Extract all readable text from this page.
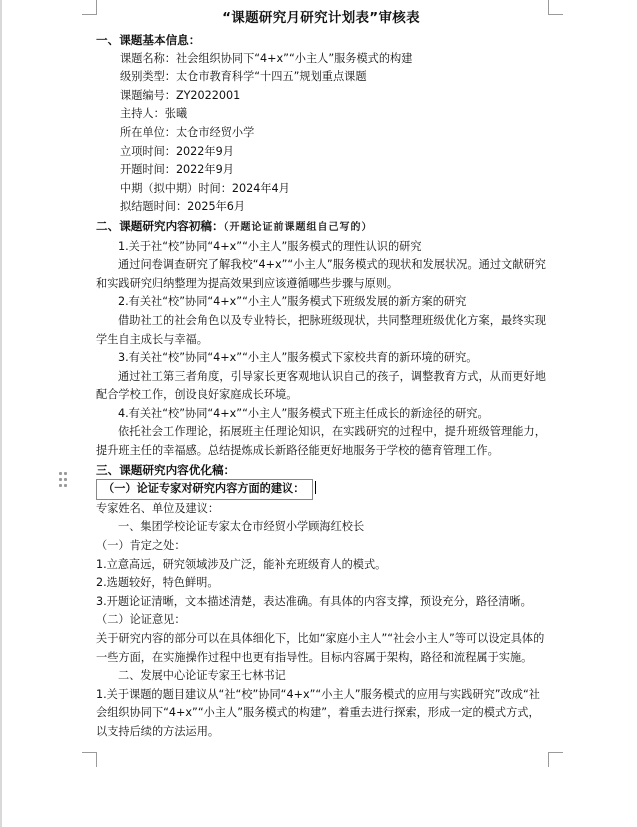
“课题研究月研究计划表”审核表
一、课题基本信息：
课题名称：社会组织协同下“4+x”“小主人”服务模式的构建
级别类型：太仓市教育科学“十四五”规划重点课题
课题编号：ZY2022001
主持人：张曦
所在单位：太仓市经贸小学
立项时间：2022年9月
开题时间：2022年9月
中期（拟中期）时间：2024年4月
拟结题时间：2025年6月
二、课题研究内容初稿：（开题论证前课题组自己写的）
1.关于社“校”协同“4+x”“小主人”服务模式的理性认识的研究
通过问卷调查研究了解我校“4+x”“小主人”服务模式的现状和发展状况。通过文献研究和实践研究归纳整理为提高效果到应该遵循哪些步骤与原则。
2.有关社“校”协同“4+x”“小主人”服务模式下班级发展的新方案的研究
借助社工的社会角色以及专业特长，把脉班级现状，共同整理班级优化方案，最终实现学生自主成长与幸福。
3.有关社“校”协同“4+x”“小主人”服务模式下家校共育的新环境的研究。
通过社工第三者角度，引导家长更客观地认识自己的孩子，调整教育方式，从而更好地配合学校工作，创设良好家庭成长环境。
4.有关社“校”协同“4+x”“小主人”服务模式下班主任成长的新途径的研究。
依托社会工作理论，拓展班主任理论知识，在实践研究的过程中，提升班级管理能力，提升班主任的幸福感。总结提炼成长新路径能更好地服务于学校的德育管理工作。
三、课题研究内容优化稿：
（一）论证专家对研究内容方面的建议：
专家姓名、单位及建议：
一、集团学校论证专家太仓市经贸小学顾海红校长
（一）肯定之处：
1.立意高远，研究领域涉及广泛，能补充班级育人的模式。
2.选题较好，特色鲜明。
3.开题论证清晰，文本描述清楚，表达准确。有具体的内容支撑，预设充分，路径清晰。
（二）论证意见：
关于研究内容的部分可以在具体细化下，比如“家庭小主人”“社会小主人”等可以设定具体的一些方面，在实施操作过程中也更有指导性。目标内容属于架构，路径和流程属于实施。
二、发展中心论证专家王七林书记
1.关于课题的题目建议从“社“校”协同“4+x”“小主人”服务模式的应用与实践研究”改成“社会组织协同下“4+x”“小主人”服务模式的构建”，着重去进行探索，形成一定的模式方式，以支持后续的方法运用。
